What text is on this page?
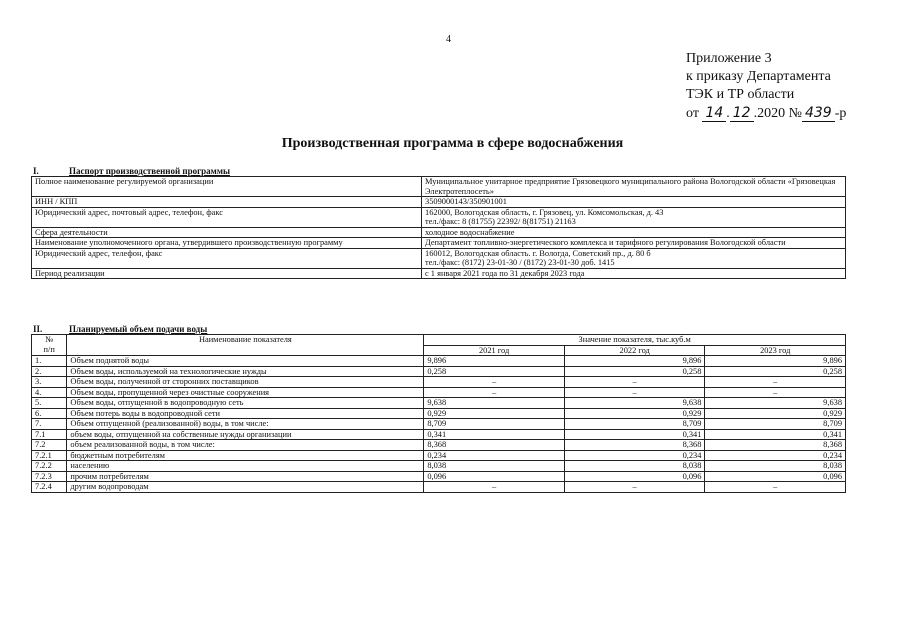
4
Приложение 3
к приказу Департамента
ТЭК и ТР области
от 14 . 12 .2020 № 439 -р
Производственная программа в сфере водоснабжения
I.	Паспорт производственной программы
Полное наименование регулируемой организации	Муниципальное унитарное предприятие Грязовецкого муниципального района Вологодской области «Грязовецкая Электротеплосеть»
ИНН / КПП	3509000143/350901001
Юридический адрес, почтовый адрес, телефон, факс	162000, Вологодская область, г. Грязовец, ул. Комсомольская, д. 43
тел./факс: 8 (81755) 22392/ 8(81751) 21163
Сфера деятельности	холодное водоснабжение
Наименование уполномоченного органа, утвердившего производственную программу	Департамент топливно-энергетического комплекса и тарифного регулирования Вологодской области
Юридический адрес, телефон, факс	160012, Вологодская область. г. Вологда, Советский пр., д. 80 б
тел./факс: (8172) 23-01-30 / (8172) 23-01-30 доб. 1415
Период реализации	с 1 января 2021 года по 31 декабря 2023 года
II.	Планируемый объем подачи воды
№
п/п	Наименование показателя	Значение показателя, тыс.куб.м		
		2021 год	2022 год	2023 год
1.	Объем поднятой воды	9,896	9,896	9,896
2.	Объем воды, используемой на технологические нужды	0,258	0,258	0,258
3.	Объем воды, полученной от сторонних поставщиков	–	–	–
4.	Объем воды, пропущенной через очистные сооружения	–	–	–
5.	Объем воды, отпущенной в водопроводную сеть	9,638	9,638	9,638
6.	Объем потерь воды в водопроводной сети	0,929	0,929	0,929
7.	Объем отпущенной (реализованной) воды, в том числе:	8,709	8,709	8,709
7.1	объем воды, отпущенной на собственные нужды организации	0,341	0,341	0,341
7.2	объем реализованной воды, в том числе:	8,368	8,368	8,368
7.2.1	бюджетным потребителям	0,234	0,234	0,234
7.2.2	населению	8,038	8,038	8,038
7.2.3	прочим потребителям	0,096	0,096	0,096
7.2.4	другим водопроводам	–	–	–
